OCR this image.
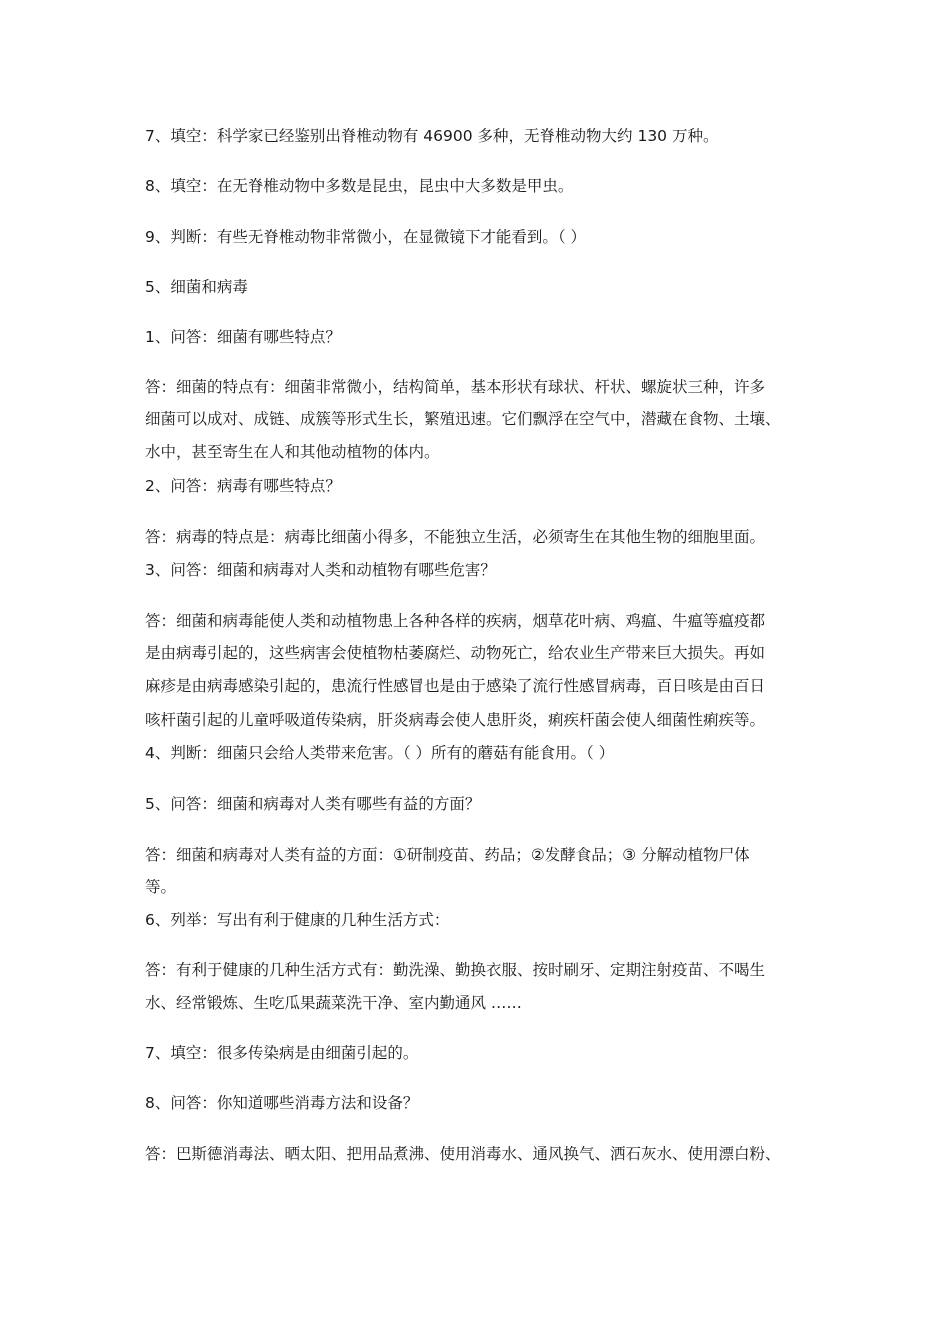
7、填空：科学家已经鉴别出脊椎动物有 46900 多种，无脊椎动物大约 130 万种。
8、填空：在无脊椎动物中多数是昆虫，昆虫中大多数是甲虫。
9、判断：有些无脊椎动物非常微小，在显微镜下才能看到。（ ）
5、细菌和病毒
1、问答：细菌有哪些特点？
答：细菌的特点有：细菌非常微小，结构简单，基本形状有球状、杆状、螺旋状三种，许多
细菌可以成对、成链、成簇等形式生长，繁殖迅速。它们飘浮在空气中，潜藏在食物、土壤、
水中，甚至寄生在人和其他动植物的体内。
2、问答：病毒有哪些特点？
答：病毒的特点是：病毒比细菌小得多，不能独立生活，必须寄生在其他生物的细胞里面。
3、问答：细菌和病毒对人类和动植物有哪些危害？
答：细菌和病毒能使人类和动植物患上各种各样的疾病，烟草花叶病、鸡瘟、牛瘟等瘟疫都
是由病毒引起的，这些病害会使植物枯萎腐烂、动物死亡，给农业生产带来巨大损失。再如
麻疹是由病毒感染引起的，患流行性感冒也是由于感染了流行性感冒病毒，百日咳是由百日
咳杆菌引起的儿童呼吸道传染病，肝炎病毒会使人患肝炎，痢疾杆菌会使人细菌性痢疾等。
4、判断：细菌只会给人类带来危害。（ ）所有的蘑菇有能食用。（ ）
5、问答：细菌和病毒对人类有哪些有益的方面？
答：细菌和病毒对人类有益的方面：①研制疫苗、药品；②发酵食品；③ 分解动植物尸体
等。
6、列举：写出有利于健康的几种生活方式：
答：有利于健康的几种生活方式有：勤洗澡、勤换衣服、按时刷牙、定期注射疫苗、不喝生
水、经常锻炼、生吃瓜果蔬菜洗干净、室内勤通风 ……
7、填空：很多传染病是由细菌引起的。
8、问答：你知道哪些消毒方法和设备？
答：巴斯德消毒法、晒太阳、把用品煮沸、使用消毒水、通风换气、洒石灰水、使用漂白粉、
